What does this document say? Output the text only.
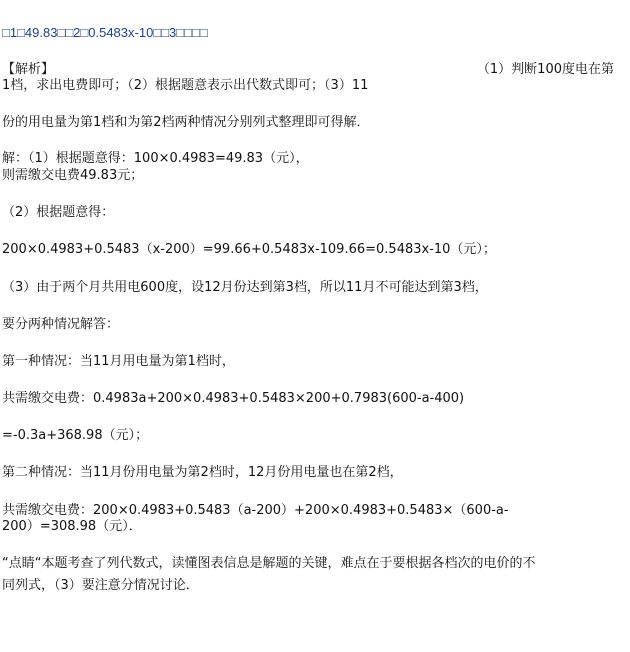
□1□49.83□□2□0.5483x-10□□3□□□□
【解析】	（1）判断100度电在第
1档，求出电费即可；（2）根据题意表示出代数式即可；（3）11
份的用电量为第1档和为第2档两种情况分别列式整理即可得解．
解：（1）根据题意得：100×0.4983=49.83（元），
则需缴交电费49.83元；
（2）根据题意得：
200×0.4983+0.5483（x-200）=99.66+0.5483x-109.66=0.5483x-10（元）；
（3）由于两个月共用电600度，设12月份达到第3档，所以11月不可能达到第3档，
要分两种情况解答：
第一种情况：当11月用电量为第1档时，
共需缴交电费：0.4983a+200×0.4983+0.5483×200+0.7983(600-a-400)
=-0.3a+368.98（元）；
第二种情况：当11月份用电量为第2档时，12月份用电量也在第2档，
共需缴交电费：200×0.4983+0.5483（a-200）+200×0.4983+0.5483×（600-a-
200）=308.98（元）．
“点睛“本题考查了列代数式，读懂图表信息是解题的关键，难点在于要根据各档次的电价的不
同列式，（3）要注意分情况讨论．
